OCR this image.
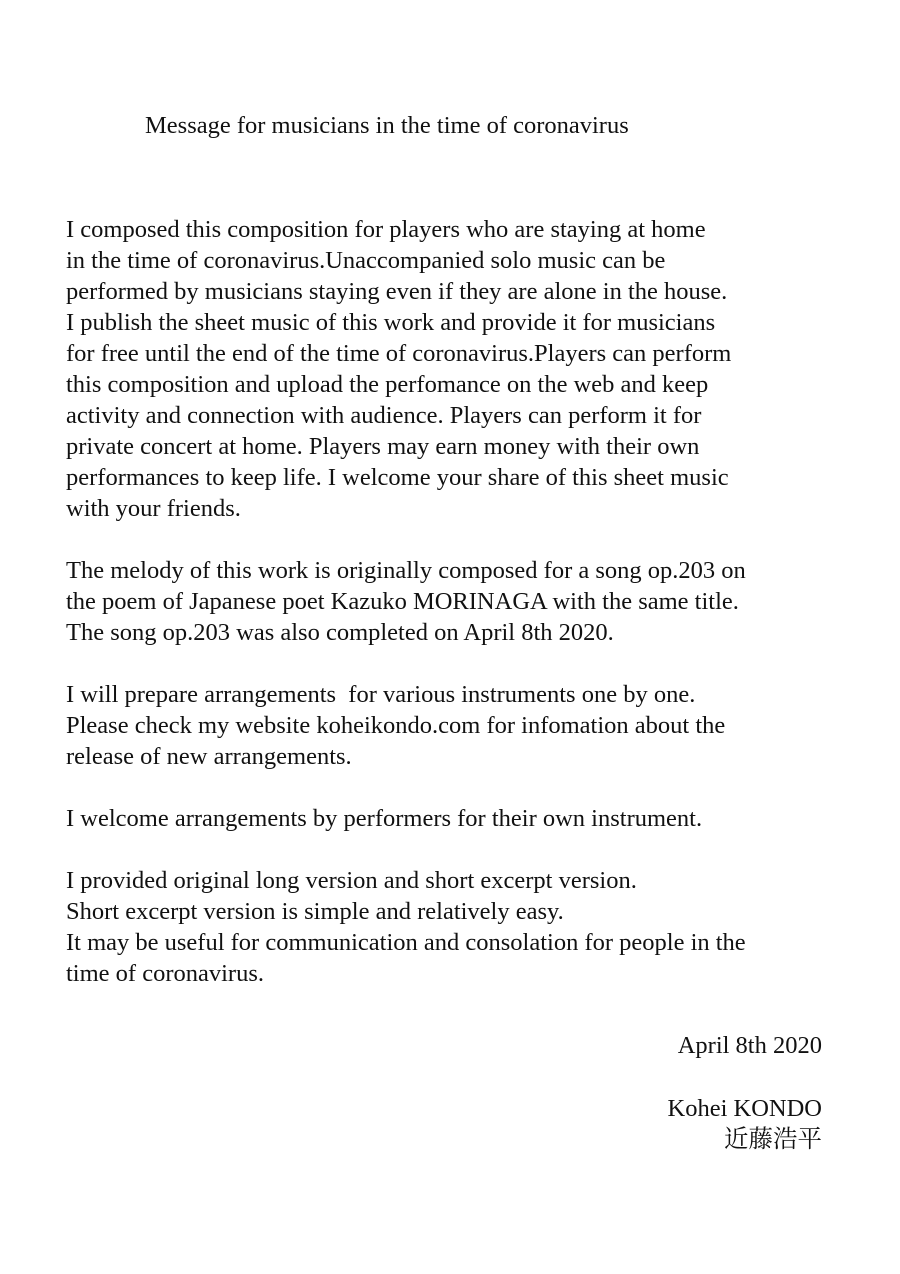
Message for musicians in the time of coronavirus
I composed this composition for players who are staying at home
in the time of coronavirus.Unaccompanied solo music can be
performed by musicians staying even if they are alone in the house.
I publish the sheet music of this work and provide it for musicians
for free until the end of the time of coronavirus.Players can perform
this composition and upload the perfomance on the web and keep
activity and connection with audience. Players can perform it for
private concert at home. Players may earn money with their own
performances to keep life. I welcome your share of this sheet music
with your friends.
The melody of this work is originally composed for a song op.203 on
the poem of Japanese poet Kazuko MORINAGA with the same title.
The song op.203 was also completed on April 8th 2020.
I will prepare arrangements  for various instruments one by one.
Please check my website koheikondo.com for infomation about the
release of new arrangements.
I welcome arrangements by performers for their own instrument.
I provided original long version and short excerpt version.
Short excerpt version is simple and relatively easy.
It may be useful for communication and consolation for people in the
time of coronavirus.
April 8th 2020
Kohei KONDO
近藤浩平
